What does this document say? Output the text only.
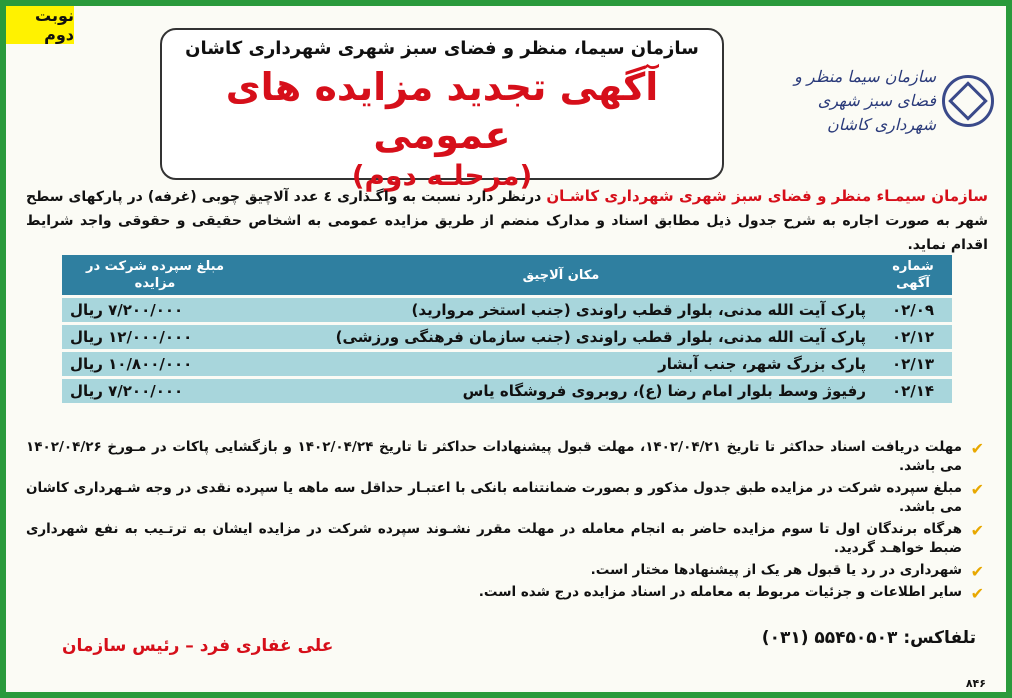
نوبت دوم
سازمان سیما، منظر و فضای سبز شهری شهرداری کاشان
آگهی تجدید مزایده های عمومی
(مرحلـه دوم)
سازمان سیما منظر و فضای سبز شهری
شهرداری کاشان
سازمان سیمـاء منظر و فضای سبز شهری شهرداری کاشـان درنظر دارد نسبت به واگـذاری ٤ عدد آلاچیق چوبی (غرفه) در پارکهای سطح شهر به صورت اجاره به شرح جدول ذیل مطابق اسناد و مدارک منضم از طریق مزایده عمومی به اشخاص حقیقی و حقوقی واجد شرایط اقدام نماید.
شماره آگهی	مکان آلاچیق	مبلغ سپرده شرکت در مزایده
۰۲/۰۹	پارک آیت الله مدنی، بلوار قطب راوندی (جنب استخر مروارید)	۷/۲۰۰/۰۰۰ ریال
۰۲/۱۲	پارک آیت الله مدنی، بلوار قطب راوندی (جنب سازمان فرهنگی ورزشی)	۱۲/۰۰۰/۰۰۰ ریال
۰۲/۱۳	پارک بزرگ شهر، جنب آبشار	۱۰/۸۰۰/۰۰۰ ریال
۰۲/۱۴	رفیوژ وسط بلوار امام رضا (ع)، روبروی فروشگاه یاس	۷/۲۰۰/۰۰۰ ریال
✔
مهلت دریافت اسناد حداکثر تا تاریخ ۱۴۰۲/۰۴/۲۱، مهلت قبول پیشنهادات حداکثر تا تاریخ ۱۴۰۲/۰۴/۲۴ و بازگشایی پاکات در مـورخ ۱۴۰۲/۰۴/۲۶ می باشد.
✔
مبلغ سپرده شرکت در مزایده طبق جدول مذکور و بصورت ضمانتنامه بانکی با اعتبـار حداقل سه ماهه یا سپرده نقدی در وجه شـهرداری کاشان می باشد.
✔
هرگاه برندگان اول تا سوم مزایده حاضر به انجام معامله در مهلت مقرر نشـوند سپرده شرکت در مزایده ایشان به ترتـیب به نفع شهرداری ضبط خواهـد گردید.
✔
شهرداری در رد یا قبول هر یک از پیشنهادها مختار است.
✔
سایر اطلاعات و جزئیات مربوط به معامله در اسناد مزایده درج شده است.
تلفاکس: ۵۵۴۵۰۵۰۳ (۰۳۱)
علی غفاری فرد – رئیس سازمان
۸۴۶
